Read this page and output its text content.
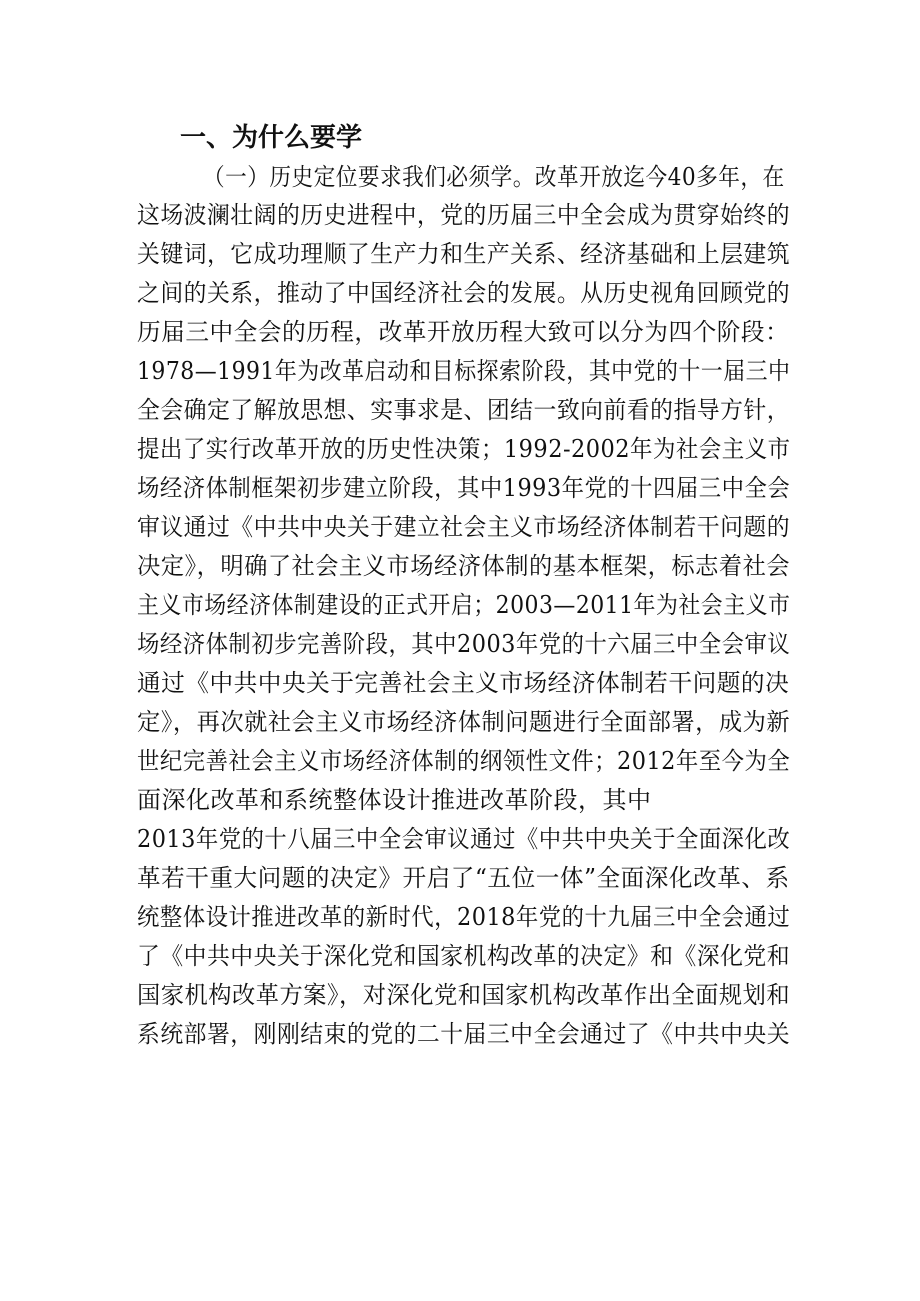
一、为什么要学

（一）历史定位要求我们必须学。改革开放迄今40多年，在

这场波澜壮阔的历史进程中，党的历届三中全会成为贯穿始终的

关键词，它成功理顺了生产力和生产关系、经济基础和上层建筑

之间的关系，推动了中国经济社会的发展。从历史视角回顾党的

历届三中全会的历程，改革开放历程大致可以分为四个阶段：

1978—1991年为改革启动和目标探索阶段，其中党的十一届三中

全会确定了解放思想、实事求是、团结一致向前看的指导方针，

提出了实行改革开放的历史性决策；1992-2002年为社会主义市

场经济体制框架初步建立阶段，其中1993年党的十四届三中全会

审议通过《中共中央关于建立社会主义市场经济体制若干问题的

决定》，明确了社会主义市场经济体制的基本框架，标志着社会

主义市场经济体制建设的正式开启；2003—2011年为社会主义市

场经济体制初步完善阶段，其中2003年党的十六届三中全会审议

通过《中共中央关于完善社会主义市场经济体制若干问题的决

定》，再次就社会主义市场经济体制问题进行全面部署，成为新

世纪完善社会主义市场经济体制的纲领性文件；2012年至今为全

面深化改革和系统整体设计推进改革阶段，其中

2013年党的十八届三中全会审议通过《中共中央关于全面深化改

革若干重大问题的决定》开启了“五位一体”全面深化改革、系

统整体设计推进改革的新时代，2018年党的十九届三中全会通过

了《中共中央关于深化党和国家机构改革的决定》和《深化党和

国家机构改革方案》，对深化党和国家机构改革作出全面规划和

系统部署，刚刚结束的党的二十届三中全会通过了《中共中央关
